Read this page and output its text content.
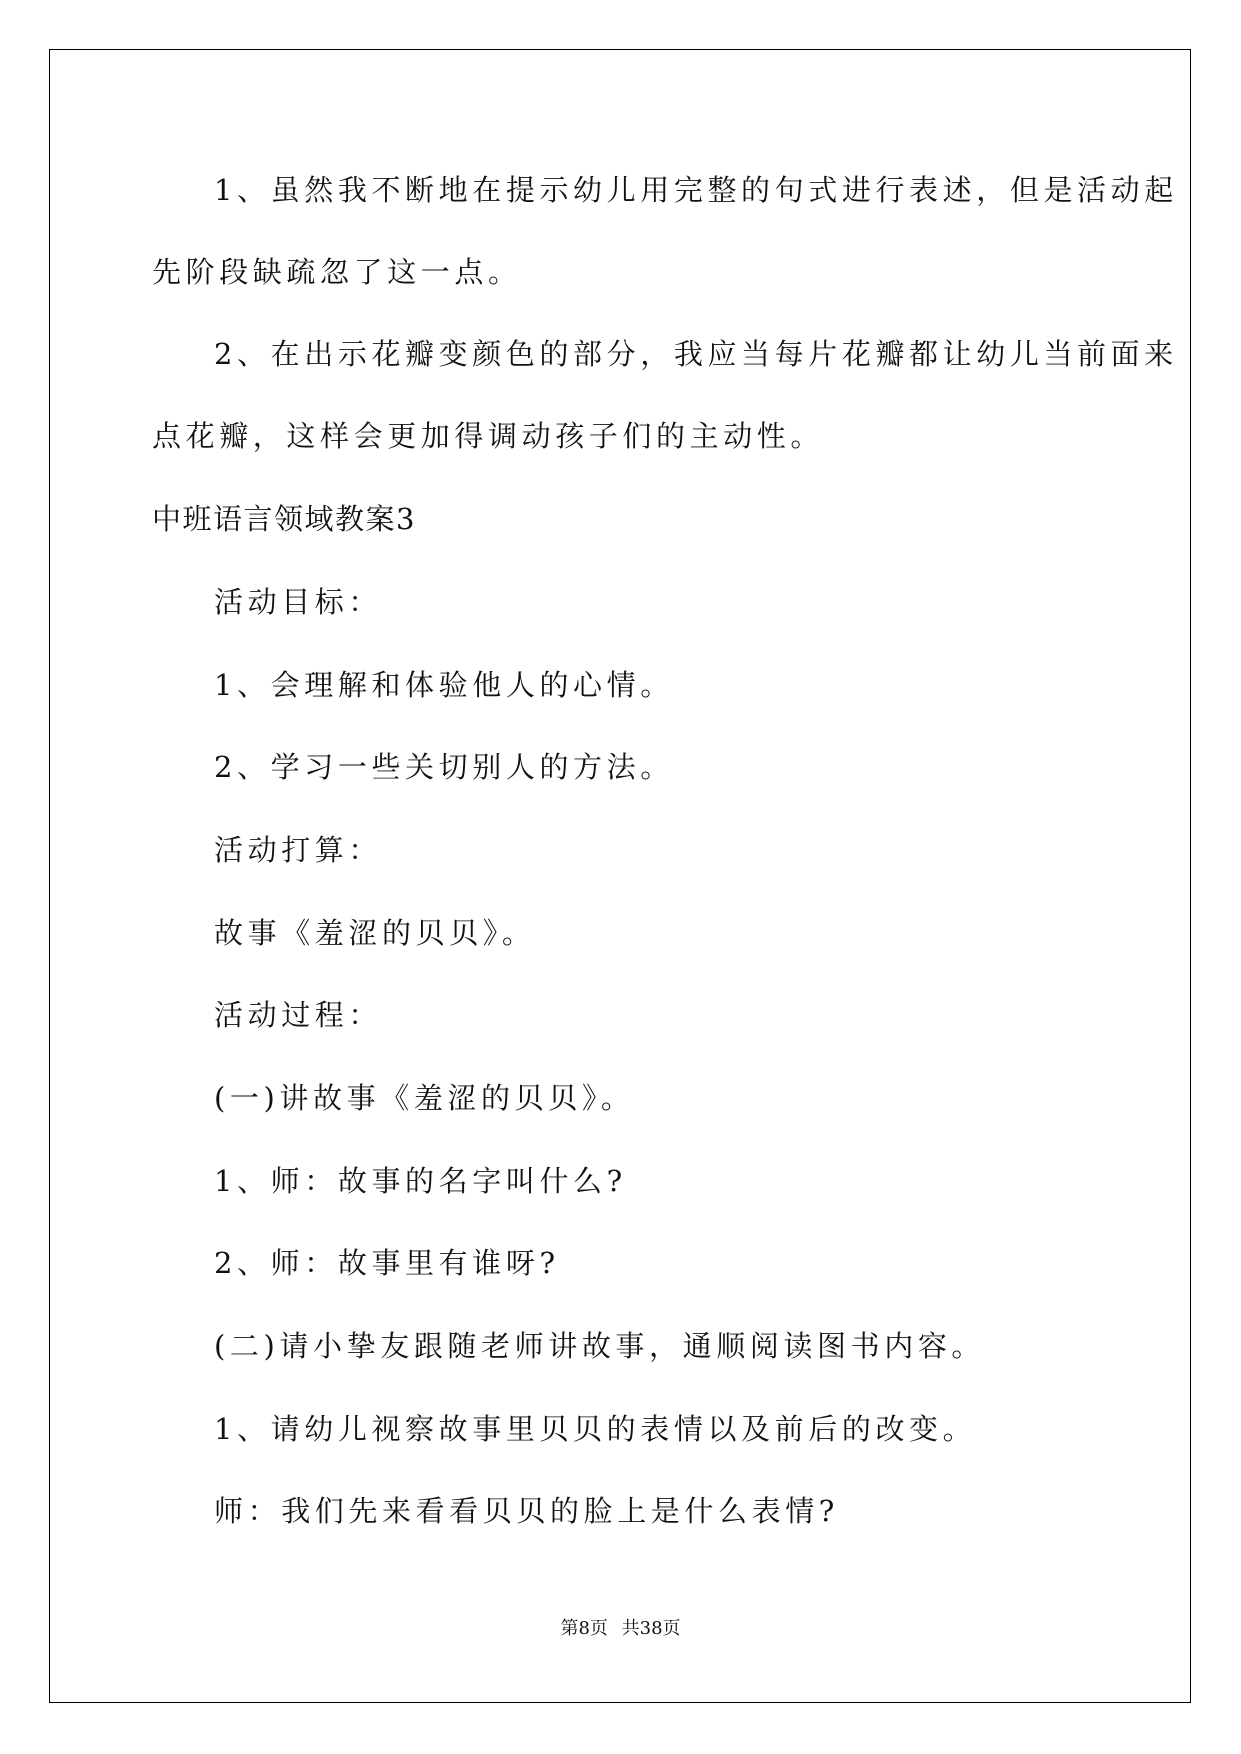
1、虽然我不断地在提示幼儿用完整的句式进行表述，但是活动起
先阶段缺疏忽了这一点。
2、在出示花瓣变颜色的部分，我应当每片花瓣都让幼儿当前面来
点花瓣，这样会更加得调动孩子们的主动性。
中班语言领域教案3
活动目标：
1、会理解和体验他人的心情。
2、学习一些关切别人的方法。
活动打算：
故事《羞涩的贝贝》。
活动过程：
(一)讲故事《羞涩的贝贝》。
1、师：故事的名字叫什么?
2、师：故事里有谁呀?
(二)请小挚友跟随老师讲故事，通顺阅读图书内容。
1、请幼儿视察故事里贝贝的表情以及前后的改变。
师：我们先来看看贝贝的脸上是什么表情?
第8页 共38页
